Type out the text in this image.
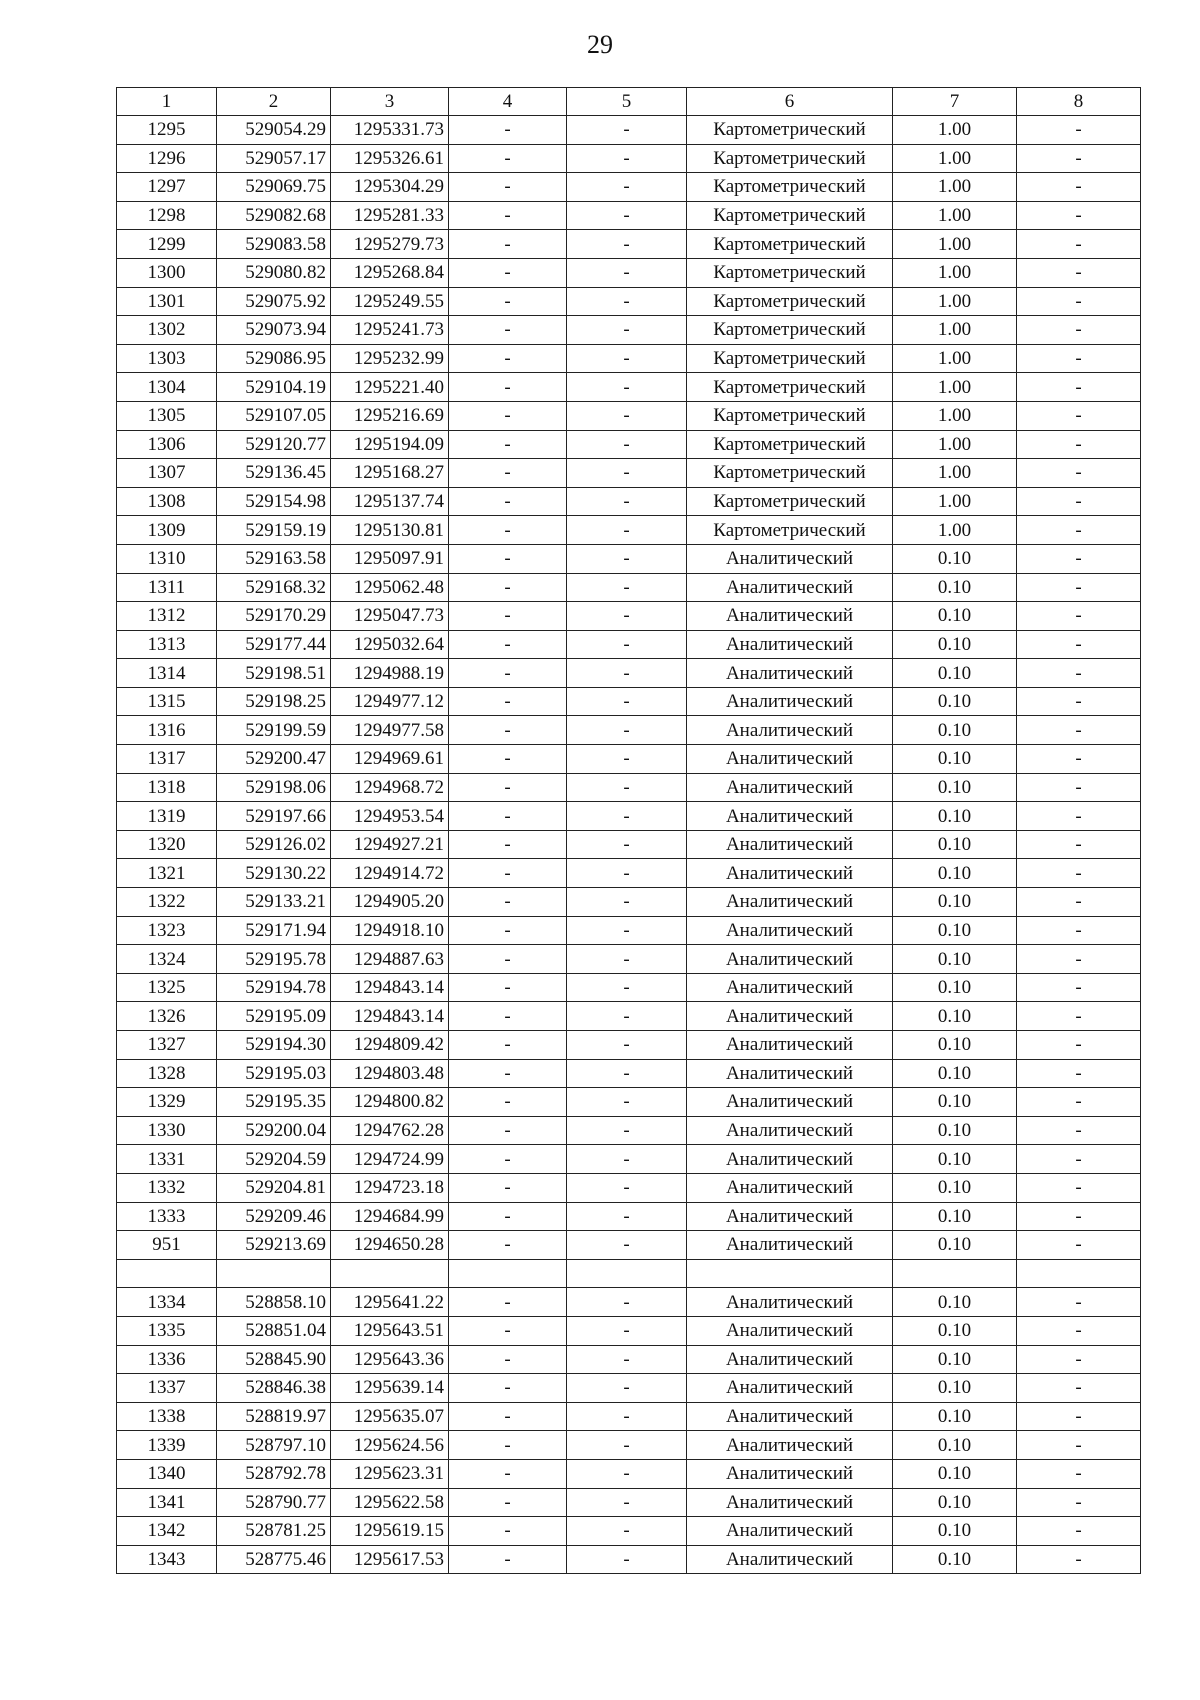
29
1	2	3	4	5	6	7	8
1295	529054.29	1295331.73	-	-	Картометрический	1.00	-
1296	529057.17	1295326.61	-	-	Картометрический	1.00	-
1297	529069.75	1295304.29	-	-	Картометрический	1.00	-
1298	529082.68	1295281.33	-	-	Картометрический	1.00	-
1299	529083.58	1295279.73	-	-	Картометрический	1.00	-
1300	529080.82	1295268.84	-	-	Картометрический	1.00	-
1301	529075.92	1295249.55	-	-	Картометрический	1.00	-
1302	529073.94	1295241.73	-	-	Картометрический	1.00	-
1303	529086.95	1295232.99	-	-	Картометрический	1.00	-
1304	529104.19	1295221.40	-	-	Картометрический	1.00	-
1305	529107.05	1295216.69	-	-	Картометрический	1.00	-
1306	529120.77	1295194.09	-	-	Картометрический	1.00	-
1307	529136.45	1295168.27	-	-	Картометрический	1.00	-
1308	529154.98	1295137.74	-	-	Картометрический	1.00	-
1309	529159.19	1295130.81	-	-	Картометрический	1.00	-
1310	529163.58	1295097.91	-	-	Аналитический	0.10	-
1311	529168.32	1295062.48	-	-	Аналитический	0.10	-
1312	529170.29	1295047.73	-	-	Аналитический	0.10	-
1313	529177.44	1295032.64	-	-	Аналитический	0.10	-
1314	529198.51	1294988.19	-	-	Аналитический	0.10	-
1315	529198.25	1294977.12	-	-	Аналитический	0.10	-
1316	529199.59	1294977.58	-	-	Аналитический	0.10	-
1317	529200.47	1294969.61	-	-	Аналитический	0.10	-
1318	529198.06	1294968.72	-	-	Аналитический	0.10	-
1319	529197.66	1294953.54	-	-	Аналитический	0.10	-
1320	529126.02	1294927.21	-	-	Аналитический	0.10	-
1321	529130.22	1294914.72	-	-	Аналитический	0.10	-
1322	529133.21	1294905.20	-	-	Аналитический	0.10	-
1323	529171.94	1294918.10	-	-	Аналитический	0.10	-
1324	529195.78	1294887.63	-	-	Аналитический	0.10	-
1325	529194.78	1294843.14	-	-	Аналитический	0.10	-
1326	529195.09	1294843.14	-	-	Аналитический	0.10	-
1327	529194.30	1294809.42	-	-	Аналитический	0.10	-
1328	529195.03	1294803.48	-	-	Аналитический	0.10	-
1329	529195.35	1294800.82	-	-	Аналитический	0.10	-
1330	529200.04	1294762.28	-	-	Аналитический	0.10	-
1331	529204.59	1294724.99	-	-	Аналитический	0.10	-
1332	529204.81	1294723.18	-	-	Аналитический	0.10	-
1333	529209.46	1294684.99	-	-	Аналитический	0.10	-
951	529213.69	1294650.28	-	-	Аналитический	0.10	-

1334	528858.10	1295641.22	-	-	Аналитический	0.10	-
1335	528851.04	1295643.51	-	-	Аналитический	0.10	-
1336	528845.90	1295643.36	-	-	Аналитический	0.10	-
1337	528846.38	1295639.14	-	-	Аналитический	0.10	-
1338	528819.97	1295635.07	-	-	Аналитический	0.10	-
1339	528797.10	1295624.56	-	-	Аналитический	0.10	-
1340	528792.78	1295623.31	-	-	Аналитический	0.10	-
1341	528790.77	1295622.58	-	-	Аналитический	0.10	-
1342	528781.25	1295619.15	-	-	Аналитический	0.10	-
1343	528775.46	1295617.53	-	-	Аналитический	0.10	-
